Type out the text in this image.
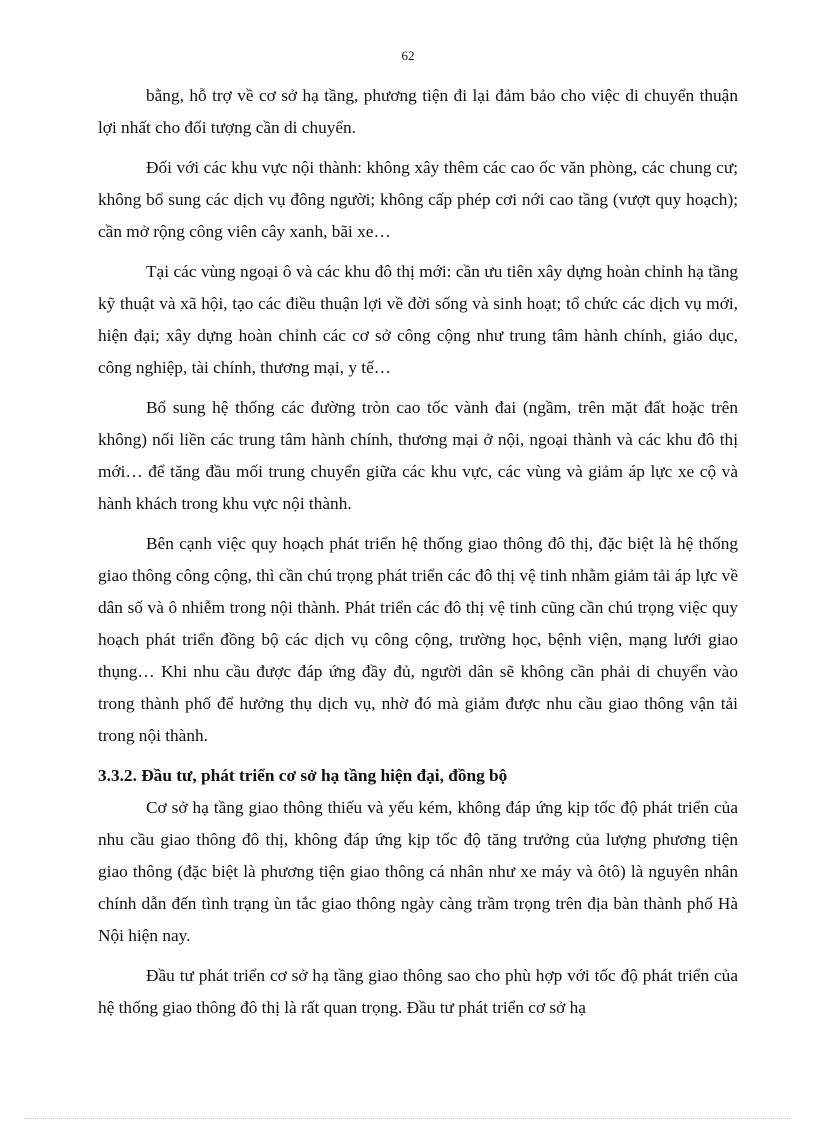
62

bằng, hỗ trợ về cơ sở hạ tầng, phương tiện đi lại đảm bảo cho việc di chuyển thuận lợi nhất cho đối tượng cần di chuyển.

Đối với các khu vực nội thành: không xây thêm các cao ốc văn phòng, các chung cư; không bổ sung các dịch vụ đông người; không cấp phép cơi nới cao tầng (vượt quy hoạch); cần mở rộng công viên cây xanh, bãi xe…

Tại các vùng ngoại ô và các khu đô thị mới: cần ưu tiên xây dựng hoàn chỉnh hạ tầng kỹ thuật và xã hội, tạo các điều thuận lợi về đời sống và sinh hoạt; tổ chức các dịch vụ mới, hiện đại; xây dựng hoàn chỉnh các cơ sở công cộng như trung tâm hành chính, giáo dục, công nghiệp, tài chính, thương mại, y tế…

Bổ sung hệ thống các đường tròn cao tốc vành đai (ngầm, trên mặt đất hoặc trên không) nối liền các trung tâm hành chính, thương mại ở nội, ngoại thành và các khu đô thị mới… để tăng đầu mối trung chuyển giữa các khu vực, các vùng và giảm áp lực xe cộ và hành khách trong khu vực nội thành.

Bên cạnh việc quy hoạch phát triển hệ thống giao thông đô thị, đặc biệt là hệ thống giao thông công cộng, thì cần chú trọng phát triển các đô thị vệ tinh nhằm giảm tải áp lực về dân số và ô nhiễm trong nội thành. Phát triển các đô thị vệ tinh cũng cần chú trọng việc quy hoạch phát triển đồng bộ các dịch vụ công cộng, trường học, bệnh viện, mạng lưới giao thụng… Khi nhu cầu được đáp ứng đầy đủ, người dân sẽ không cần phải di chuyển vào trong thành phố để hưởng thụ dịch vụ, nhờ đó mà giảm được nhu cầu giao thông vận tải trong nội thành.

3.3.2. Đầu tư, phát triển cơ sở hạ tầng hiện đại, đồng bộ

Cơ sở hạ tầng giao thông thiếu và yếu kém, không đáp ứng kịp tốc độ phát triển của nhu cầu giao thông đô thị, không đáp ứng kịp tốc độ tăng trưởng của lượng phương tiện giao thông (đặc biệt là phương tiện giao thông cá nhân như xe máy và ôtô) là nguyên nhân chính dẫn đến tình trạng ùn tắc giao thông ngày càng trầm trọng trên địa bàn thành phố Hà Nội hiện nay.

Đầu tư phát triển cơ sở hạ tầng giao thông sao cho phù hợp với tốc độ phát triển của hệ thống giao thông đô thị là rất quan trọng. Đầu tư phát triển cơ sở hạ
